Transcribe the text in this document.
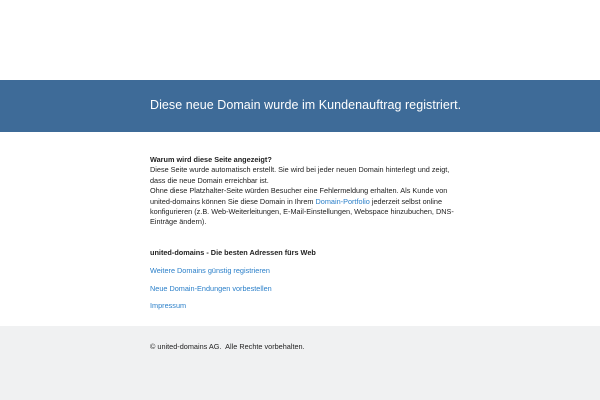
Diese neue Domain wurde im Kundenauftrag registriert.

Warum wird diese Seite angezeigt?

Diese Seite wurde automatisch erstellt. Sie wird bei jeder neuen Domain hinterlegt und zeigt, dass die neue Domain erreichbar ist.

Ohne diese Platzhalter-Seite würden Besucher eine Fehlermeldung erhalten. Als Kunde von united-domains können Sie diese Domain in Ihrem Domain-Portfolio jederzeit selbst online konfigurieren (z.B. Web-Weiterleitungen, E-Mail-Einstellungen, Webspace hinzubuchen, DNS-Einträge ändern).

united-domains - Die besten Adressen fürs Web
Weitere Domains günstig registrieren
Neue Domain-Endungen vorbestellen
Impressum
© united-domains AG.  Alle Rechte vorbehalten.
